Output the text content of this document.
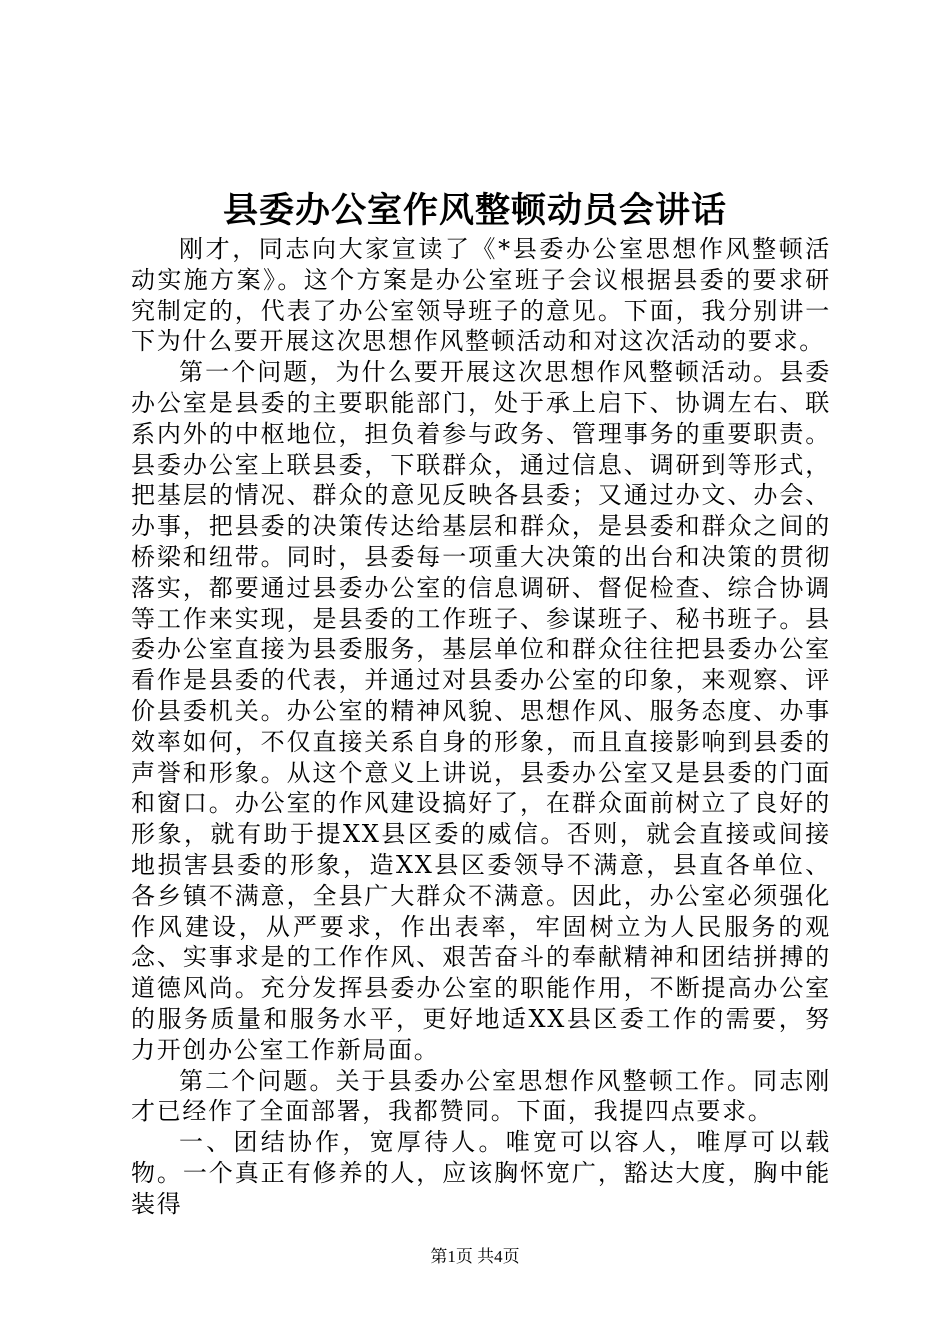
县委办公室作风整顿动员会讲话

刚才，同志向大家宣读了《*县委办公室思想作风整顿活动实施方案》。这个方案是办公室班子会议根据县委的要求研究制定的，代表了办公室领导班子的意见。下面，我分别讲一下为什么要开展这次思想作风整顿活动和对这次活动的要求。

第一个问题，为什么要开展这次思想作风整顿活动。县委办公室是县委的主要职能部门，处于承上启下、协调左右、联系内外的中枢地位，担负着参与政务、管理事务的重要职责。县委办公室上联县委，下联群众，通过信息、调研到等形式，把基层的情况、群众的意见反映各县委；又通过办文、办会、办事，把县委的决策传达给基层和群众，是县委和群众之间的桥梁和纽带。同时，县委每一项重大决策的出台和决策的贯彻落实，都要通过县委办公室的信息调研、督促检查、综合协调等工作来实现，是县委的工作班子、参谋班子、秘书班子。县委办公室直接为县委服务，基层单位和群众往往把县委办公室看作是县委的代表，并通过对县委办公室的印象，来观察、评价县委机关。办公室的精神风貌、思想作风、服务态度、办事效率如何，不仅直接关系自身的形象，而且直接影响到县委的声誉和形象。从这个意义上讲说，县委办公室又是县委的门面和窗口。办公室的作风建设搞好了，在群众面前树立了良好的形象，就有助于提XX县区委的威信。否则，就会直接或间接地损害县委的形象，造XX县区委领导不满意，县直各单位、各乡镇不满意，全县广大群众不满意。因此，办公室必须强化作风建设，从严要求，作出表率，牢固树立为人民服务的观念、实事求是的工作作风、艰苦奋斗的奉献精神和团结拼搏的道德风尚。充分发挥县委办公室的职能作用，不断提高办公室的服务质量和服务水平，更好地适XX县区委工作的需要，努力开创办公室工作新局面。

第二个问题。关于县委办公室思想作风整顿工作。同志刚才已经作了全面部署，我都赞同。下面，我提四点要求。

一、团结协作，宽厚待人。唯宽可以容人，唯厚可以载物。一个真正有修养的人，应该胸怀宽广，豁达大度，胸中能装得

第1页 共4页
